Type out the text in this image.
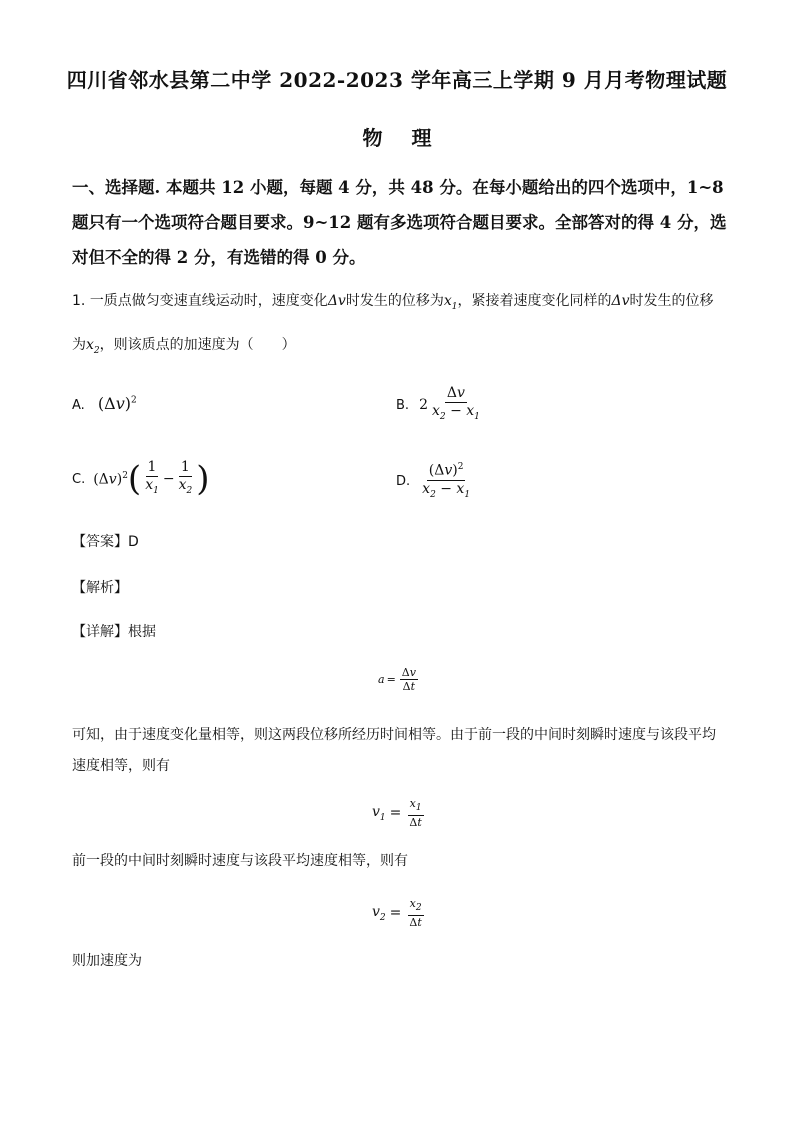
四川省邻水县第二中学 2022-2023 学年高三上学期 9 月月考物理试题
物 理
一、选择题. 本题共 12 小题，每题 4 分，共 48 分。在每小题给出的四个选项中，1~8 题只有一个选项符合题目要求。9~12 题有多选项符合题目要求。全部答对的得 4 分，选对但不全的得 2 分，有选错的得 0 分。
1. 一质点做匀变速直线运动时，速度变化Δv时发生的位移为$x_1$，紧接着速度变化同样的Δv时发生的位移
为$x_2$，则该质点的加速度为（　　）
A. $(\Delta v)^2$	B. $2 \frac{\Delta v}{x_2 - x_1}$
C. $(\Delta v)^2$ ( $\frac{1}{x_1} - \frac{1}{x_2}$ )	D. $\frac{(\Delta v)^2}{x_2 - x_1}$
【答案】D
【解析】
【详解】根据
$a = \frac{\Delta v}{\Delta t}$
可知，由于速度变化量相等，则这两段位移所经历时间相等。由于前一段的中间时刻瞬时速度与该段平均速度相等，则有
$v_1 = \frac{x_1}{\Delta t}$
前一段的中间时刻瞬时速度与该段平均速度相等，则有
$v_2 = \frac{x_2}{\Delta t}$
则加速度为
